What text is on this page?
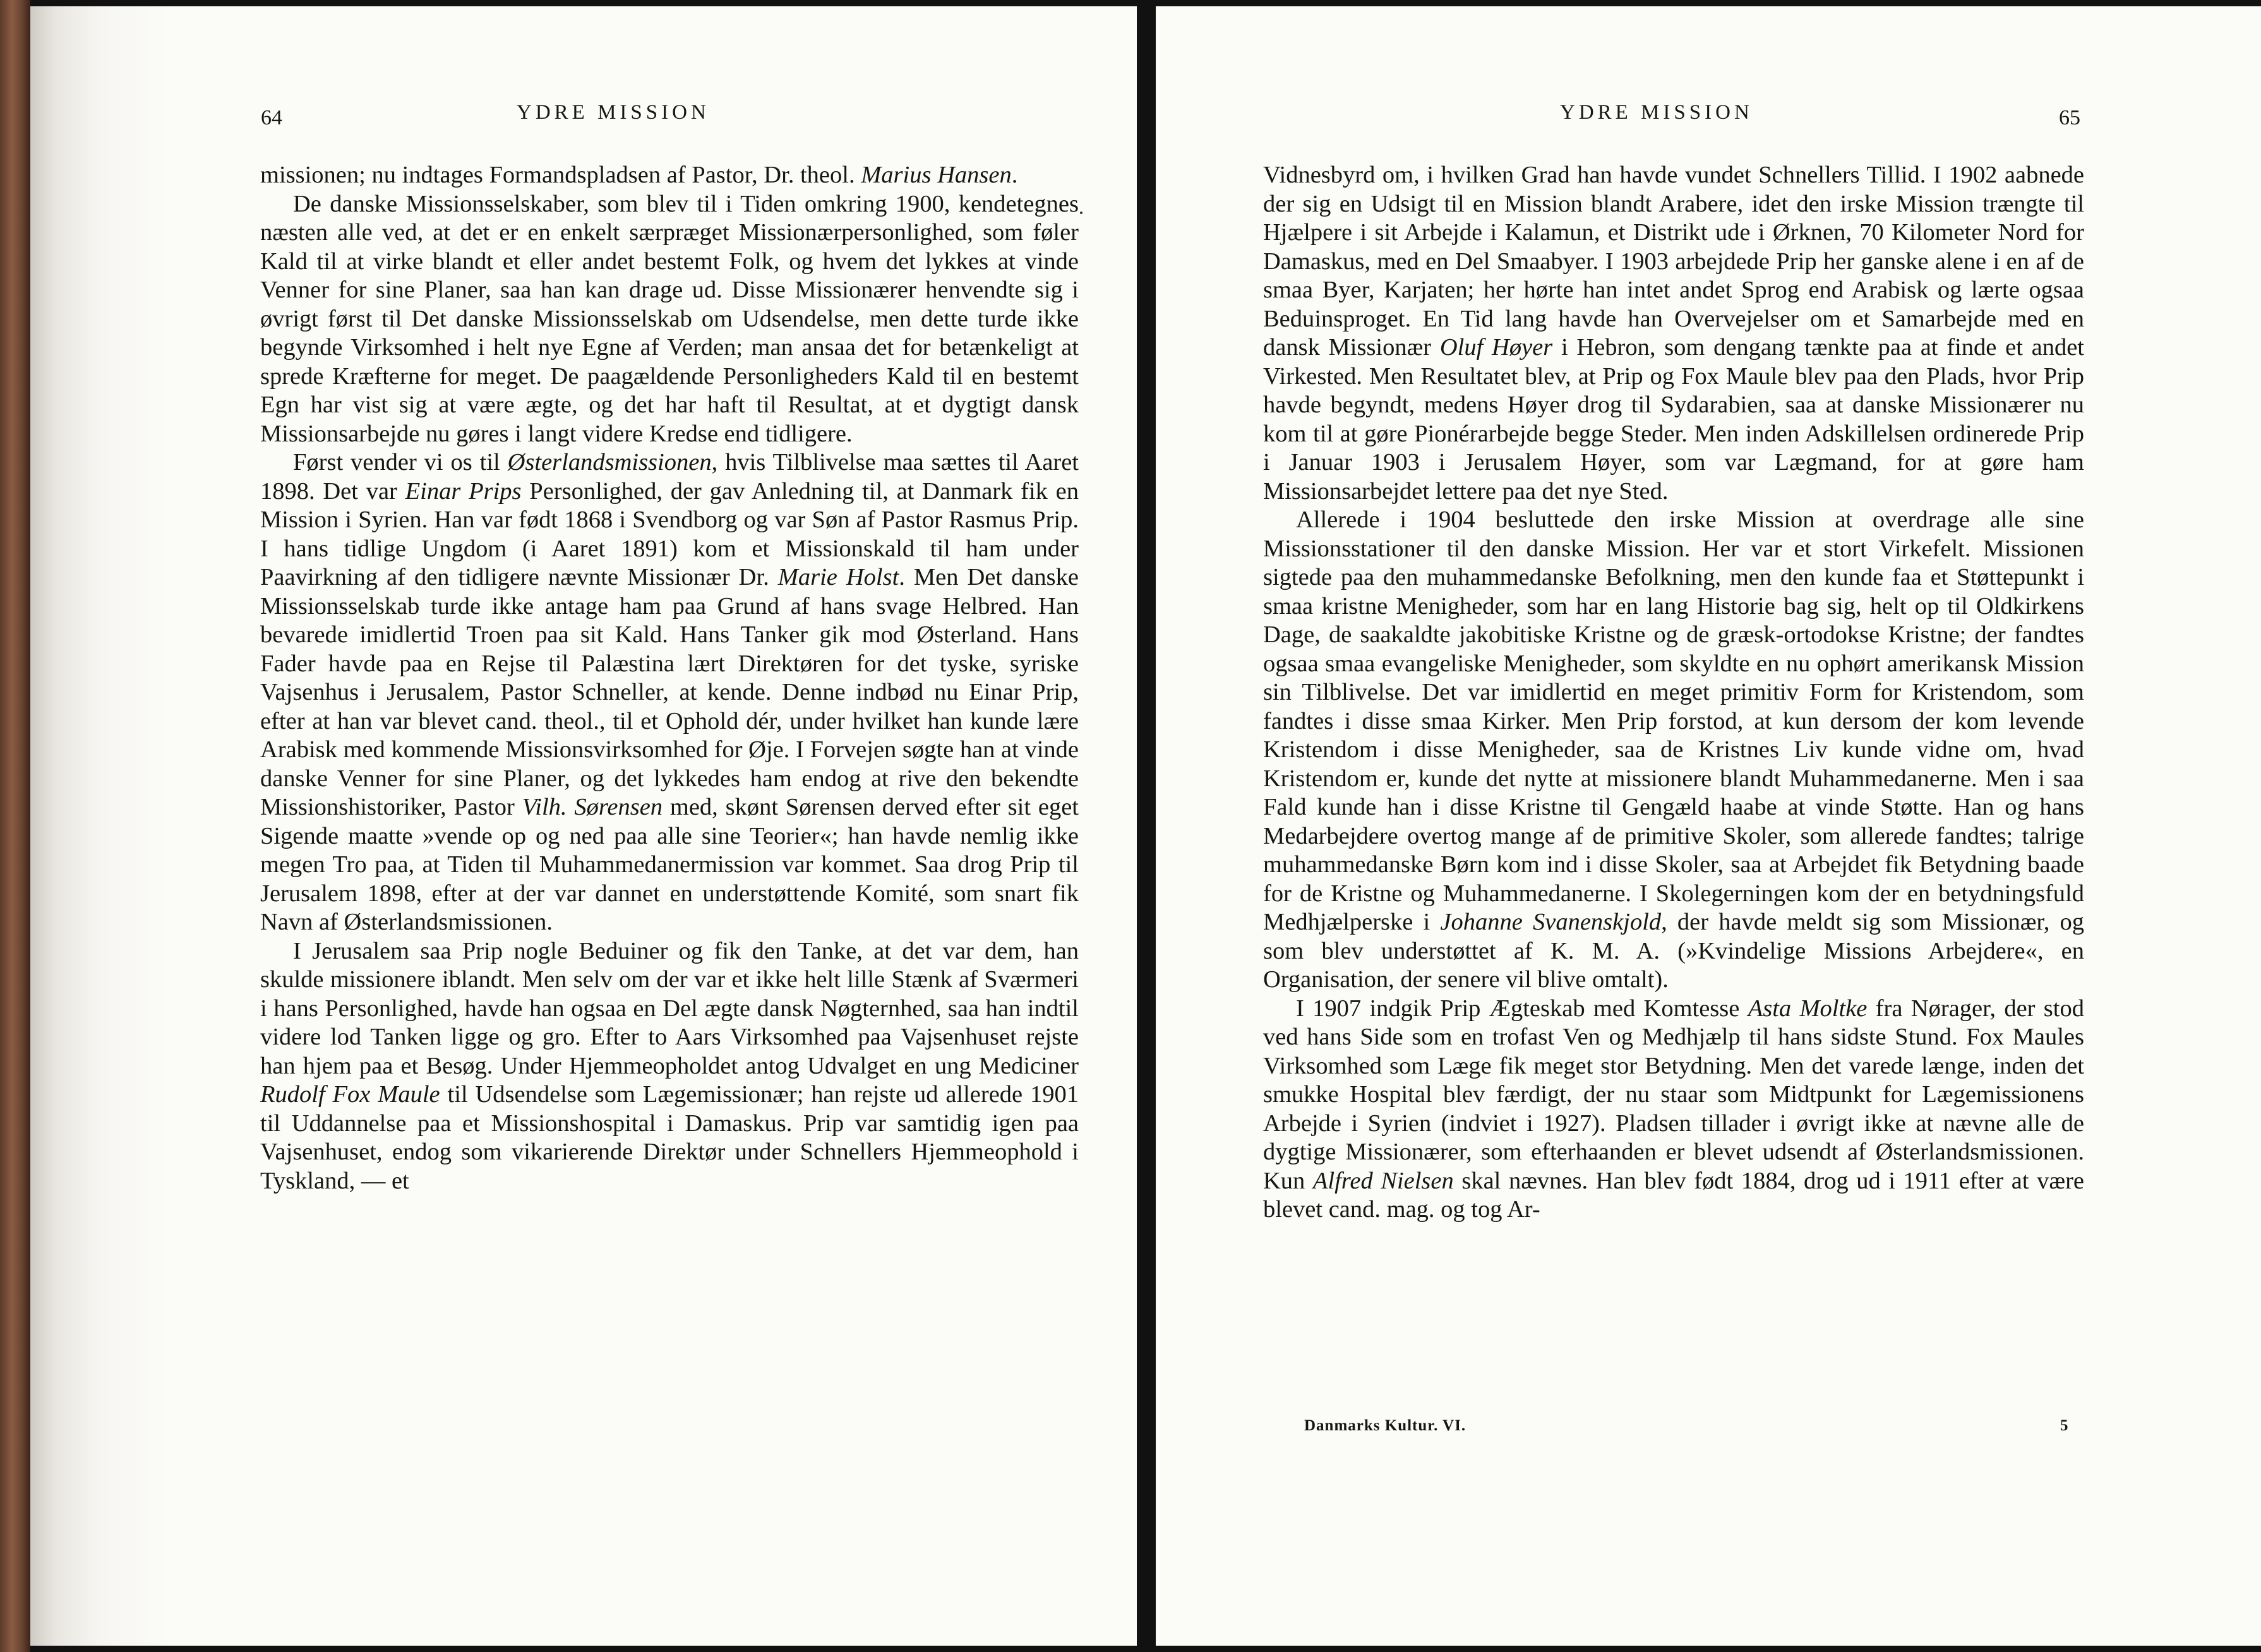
64	YDRE MISSION

missionen; nu indtages Formandspladsen af Pastor, Dr. theol. Marius Hansen.

De danske Missionsselskaber, som blev til i Tiden omkring 1900, kendetegnes næsten alle ved, at det er en enkelt særpræget Missionærpersonlighed, som føler Kald til at virke blandt et eller andet bestemt Folk, og hvem det lykkes at vinde Venner for sine Planer, saa han kan drage ud. Disse Missionærer henvendte sig i øvrigt først til Det danske Missionsselskab om Udsendelse, men dette turde ikke begynde Virksomhed i helt nye Egne af Verden; man ansaa det for betænkeligt at sprede Kræfterne for meget. De paagældende Personligheders Kald til en bestemt Egn har vist sig at være ægte, og det har haft til Resultat, at et dygtigt dansk Missionsarbejde nu gøres i langt videre Kredse end tidligere.

Først vender vi os til Østerlandsmissionen, hvis Tilblivelse maa sættes til Aaret 1898. Det var Einar Prips Personlighed, der gav Anledning til, at Danmark fik en Mission i Syrien. Han var født 1868 i Svendborg og var Søn af Pastor Rasmus Prip. I hans tidlige Ungdom (i Aaret 1891) kom et Missionskald til ham under Paavirkning af den tidligere nævnte Missionær Dr. Marie Holst. Men Det danske Missionsselskab turde ikke antage ham paa Grund af hans svage Helbred. Han bevarede imidlertid Troen paa sit Kald. Hans Tanker gik mod Østerland. Hans Fader havde paa en Rejse til Palæstina lært Direktøren for det tyske, syriske Vajsenhus i Jerusalem, Pastor Schneller, at kende. Denne indbød nu Einar Prip, efter at han var blevet cand. theol., til et Ophold dér, under hvilket han kunde lære Arabisk med kommende Missionsvirksomhed for Øje. I Forvejen søgte han at vinde danske Venner for sine Planer, og det lykkedes ham endog at rive den bekendte Missionshistoriker, Pastor Vilh. Sørensen med, skønt Sørensen derved efter sit eget Sigende maatte »vende op og ned paa alle sine Teorier«; han havde nemlig ikke megen Tro paa, at Tiden til Muhammedanermission var kommet. Saa drog Prip til Jerusalem 1898, efter at der var dannet en understøttende Komité, som snart fik Navn af Østerlandsmissionen.

I Jerusalem saa Prip nogle Beduiner og fik den Tanke, at det var dem, han skulde missionere iblandt. Men selv om der var et ikke helt lille Stænk af Sværmeri i hans Personlighed, havde han ogsaa en Del ægte dansk Nøgternhed, saa han indtil videre lod Tanken ligge og gro. Efter to Aars Virksomhed paa Vajsenhuset rejste han hjem paa et Besøg. Under Hjemmeopholdet antog Udvalget en ung Mediciner Rudolf Fox Maule til Udsendelse som Lægemissionær; han rejste ud allerede 1901 til Uddannelse paa et Missionshospital i Damaskus. Prip var samtidig igen paa Vajsenhuset, endog som vikarierende Direktør under Schnellers Hjemmeophold i Tyskland, — et

YDRE MISSION	65

Vidnesbyrd om, i hvilken Grad han havde vundet Schnellers Tillid. I 1902 aabnede der sig en Udsigt til en Mission blandt Arabere, idet den irske Mission trængte til Hjælpere i sit Arbejde i Kalamun, et Distrikt ude i Ørknen, 70 Kilometer Nord for Damaskus, med en Del Smaabyer. I 1903 arbejdede Prip her ganske alene i en af de smaa Byer, Karjaten; her hørte han intet andet Sprog end Arabisk og lærte ogsaa Beduinsproget. En Tid lang havde han Overvejelser om et Samarbejde med en dansk Missionær Oluf Høyer i Hebron, som dengang tænkte paa at finde et andet Virkested. Men Resultatet blev, at Prip og Fox Maule blev paa den Plads, hvor Prip havde begyndt, medens Høyer drog til Sydarabien, saa at danske Missionærer nu kom til at gøre Pionérarbejde begge Steder. Men inden Adskillelsen ordinerede Prip i Januar 1903 i Jerusalem Høyer, som var Lægmand, for at gøre ham Missionsarbejdet lettere paa det nye Sted.

Allerede i 1904 besluttede den irske Mission at overdrage alle sine Missionsstationer til den danske Mission. Her var et stort Virkefelt. Missionen sigtede paa den muhammedanske Befolkning, men den kunde faa et Støttepunkt i smaa kristne Menigheder, som har en lang Historie bag sig, helt op til Oldkirkens Dage, de saakaldte jakobitiske Kristne og de græsk-ortodokse Kristne; der fandtes ogsaa smaa evangeliske Menigheder, som skyldte en nu ophørt amerikansk Mission sin Tilblivelse. Det var imidlertid en meget primitiv Form for Kristendom, som fandtes i disse smaa Kirker. Men Prip forstod, at kun dersom der kom levende Kristendom i disse Menigheder, saa de Kristnes Liv kunde vidne om, hvad Kristendom er, kunde det nytte at missionere blandt Muhammedanerne. Men i saa Fald kunde han i disse Kristne til Gengæld haabe at vinde Støtte. Han og hans Medarbejdere overtog mange af de primitive Skoler, som allerede fandtes; talrige muhammedanske Børn kom ind i disse Skoler, saa at Arbejdet fik Betydning baade for de Kristne og Muhammedanerne. I Skolegerningen kom der en betydningsfuld Medhjælperske i Johanne Svanenskjold, der havde meldt sig som Missionær, og som blev understøttet af K. M. A. (»Kvindelige Missions Arbejdere«, en Organisation, der senere vil blive omtalt).

I 1907 indgik Prip Ægteskab med Komtesse Asta Moltke fra Nørager, der stod ved hans Side som en trofast Ven og Medhjælp til hans sidste Stund. Fox Maules Virksomhed som Læge fik meget stor Betydning. Men det varede længe, inden det smukke Hospital blev færdigt, der nu staar som Midtpunkt for Lægemissionens Arbejde i Syrien (indviet i 1927). Pladsen tillader i øvrigt ikke at nævne alle de dygtige Missionærer, som efterhaanden er blevet udsendt af Østerlandsmissionen. Kun Alfred Nielsen skal nævnes. Han blev født 1884, drog ud i 1911 efter at være blevet cand. mag. og tog Ar-

Danmarks Kultur. VI.	5
